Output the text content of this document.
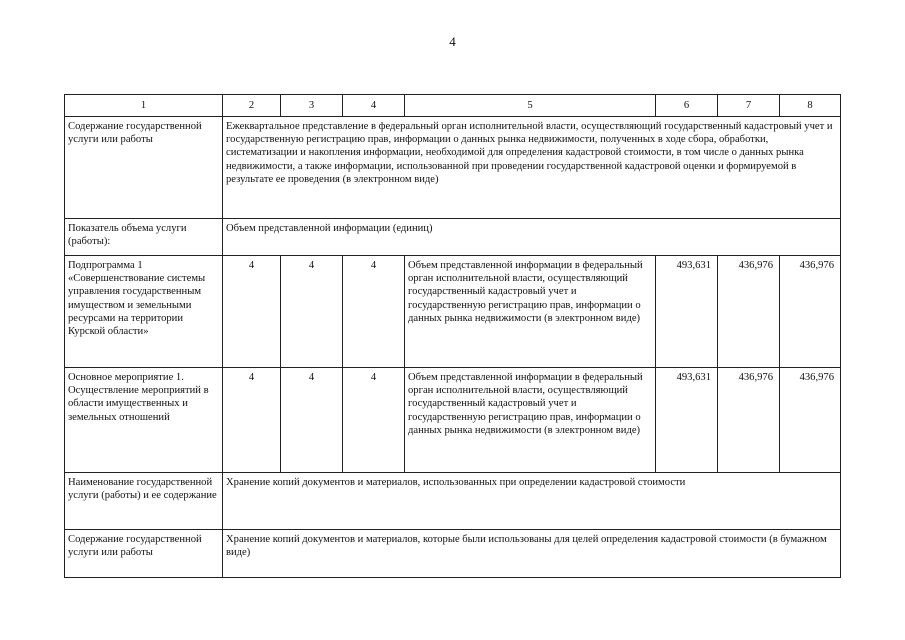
4
1	2	3	4	5	6	7	8
Содержание государственной услуги или работы	Ежеквартальное представление в федеральный орган исполнительной власти, осуществляющий государственный кадастровый учет и государственную регистрацию прав, информации о данных рынка недвижимости, полученных в ходе сбора, обработки, систематизации и накопления информации, необходимой для определения кадастровой стоимости, в том числе о данных рынка недвижимости, а также информации, использованной при проведении государственной кадастровой оценки и формируемой в результате ее проведения (в электронном виде)						
Показатель объема услуги (работы):	Объем представленной информации (единиц)						
Подпрограмма 1 «Совершенствование системы управления государственным имуществом и земельными ресурсами на территории Курской области»	4	4	4	Объем представленной информации в федеральный орган исполнительной власти, осуществляющий государственный кадастровый учет и государственную регистрацию прав, информации о данных рынка недвижимости (в электронном виде)	493,631	436,976	436,976
Основное мероприятие 1. Осуществление мероприятий в области имущественных и земельных отношений	4	4	4	Объем представленной информации в федеральный орган исполнительной власти, осуществляющий государственный кадастровый учет и государственную регистрацию прав, информации о данных рынка недвижимости (в электронном виде)	493,631	436,976	436,976
Наименование государственной услуги (работы) и ее содержание	Хранение копий документов и материалов, использованных при определении кадастровой стоимости						
Содержание государственной услуги или работы	Хранение копий документов и материалов, которые были использованы для целей определения кадастровой стоимости (в бумажном виде)						
